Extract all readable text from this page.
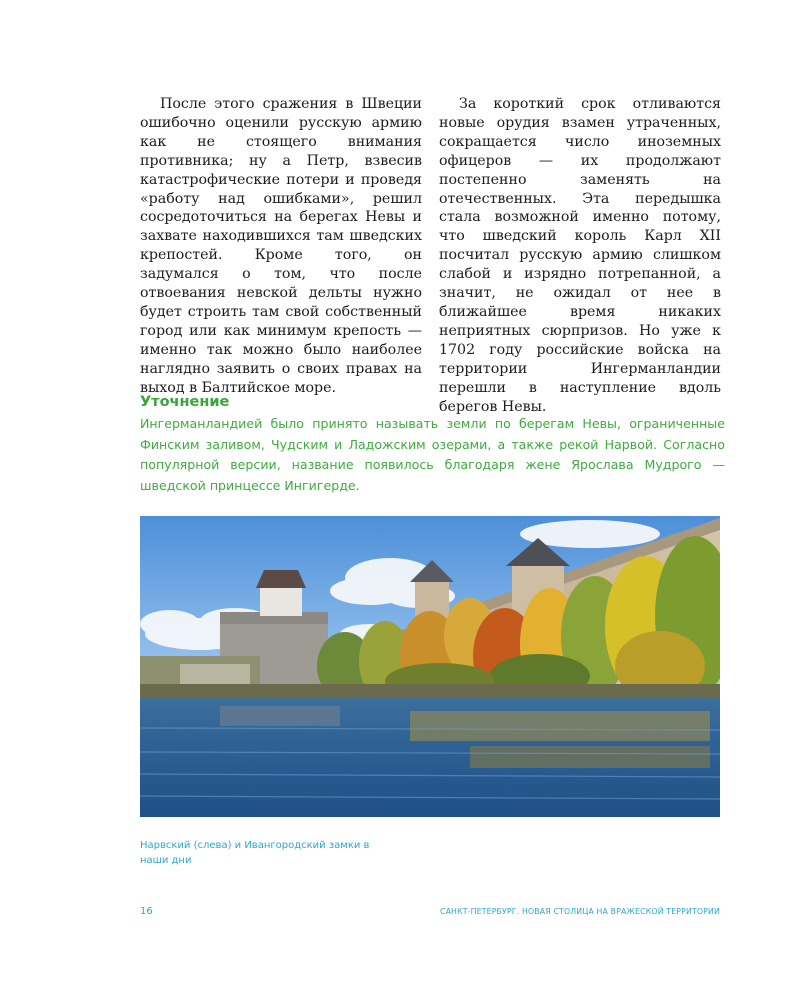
После этого сражения в Швеции ошибочно оценили русскую армию как не стоящего внимания противника; ну а Петр, взвесив катастрофические потери и проведя «работу над ошибками», решил сосредоточиться на берегах Невы и захвате находившихся там шведских крепостей. Кроме того, он задумался о том, что после отвоевания невской дельты нужно будет строить там свой собственный город или как минимум крепость — именно так можно было наиболее наглядно заявить о своих правах на выход в Балтийское море.

За короткий срок отливаются новые орудия взамен утраченных, сокращается число иноземных офицеров — их продолжают постепенно заменять на отечественных. Эта передышка стала возможной именно потому, что шведский король Карл XII посчитал русскую армию слишком слабой и изрядно потрепанной, а значит, не ожидал от нее в ближайшее время никаких неприятных сюрпризов. Но уже к 1702 году российские войска на территории Ингерманландии перешли в наступление вдоль берегов Невы.

Уточнение
Ингерманландией было принято называть земли по берегам Невы, ограниченные Финским заливом, Чудским и Ладожским озерами, а также рекой Нарвой. Согласно популярной версии, название появилось благодаря жене Ярослава Мудрого — шведской принцессе Ингигерде.
Нарвский (слева) и Ивангородский замки в наши дни
16	САНКТ-ПЕТЕРБУРГ. НОВАЯ СТОЛИЦА НА ВРАЖЕСКОЙ ТЕРРИТОРИИ
